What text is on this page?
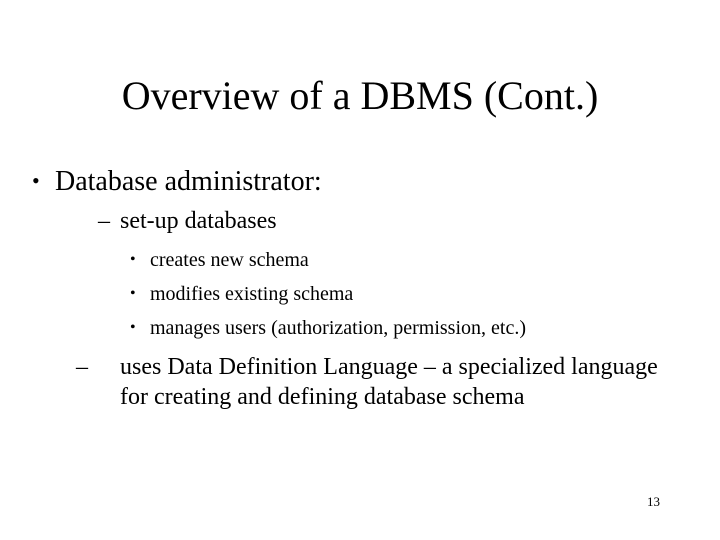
Overview of a DBMS (Cont.)
• Database administrator:
– set-up databases
• creates new schema
• modifies existing schema
• manages users (authorization, permission, etc.)
– uses Data Definition Language – a specialized language for creating and defining database schema
13
